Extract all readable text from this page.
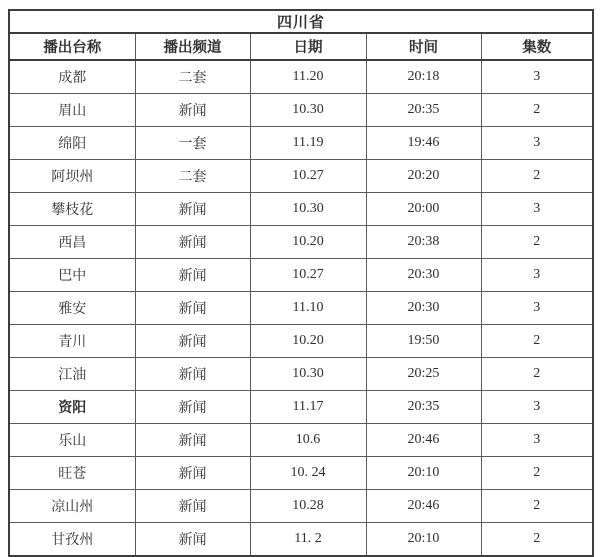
四川省				
播出台称	播出频道	日期	时间	集数
成都	二套	11.20	20:18	3
眉山	新闻	10.30	20:35	2
绵阳	一套	11.19	19:46	3
阿坝州	二套	10.27	20:20	2
攀枝花	新闻	10.30	20:00	3
西昌	新闻	10.20	20:38	2
巴中	新闻	10.27	20:30	3
雅安	新闻	11.10	20:30	3
青川	新闻	10.20	19:50	2
江油	新闻	10.30	20:25	2
资阳	新闻	11.17	20:35	3
乐山	新闻	10.6	20:46	3
旺苍	新闻	10. 24	20:10	2
凉山州	新闻	10.28	20:46	2
甘孜州	新闻	11. 2	20:10	2
